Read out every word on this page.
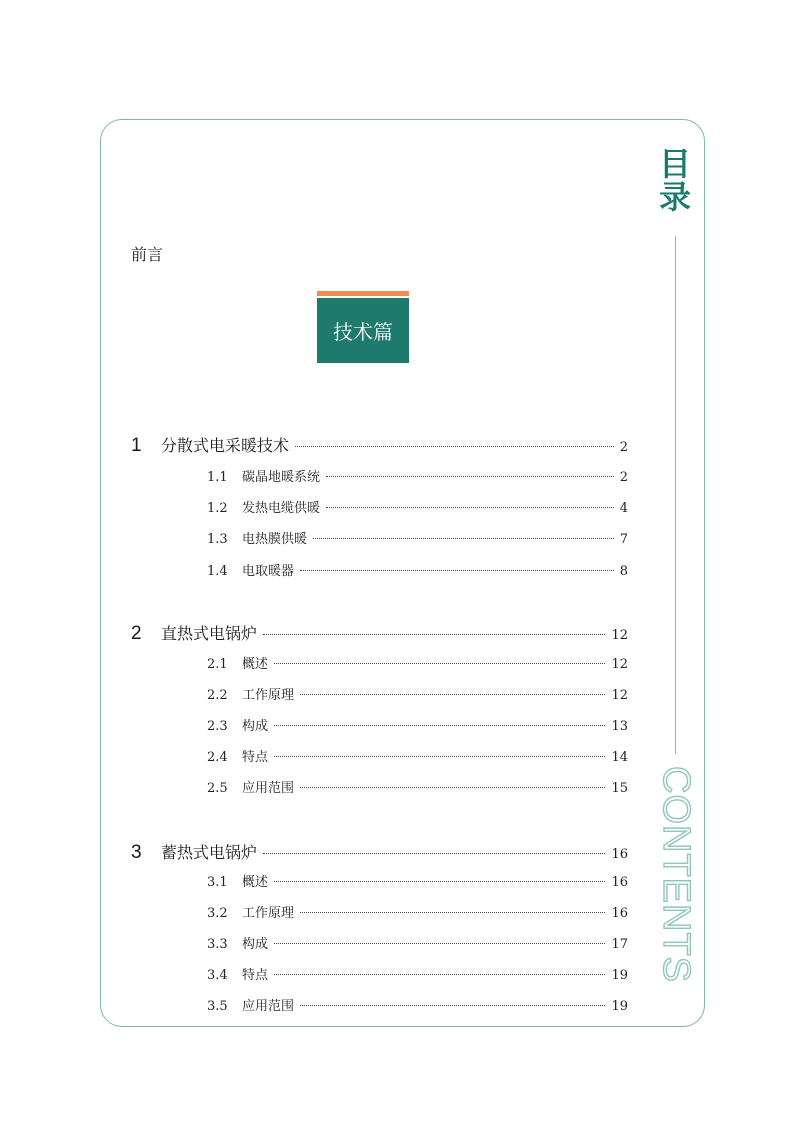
目
录
CONTENTS
前言
技术篇
1	分散式电采暖技术	2
1.1	碳晶地暖系统	2
1.2	发热电缆供暖	4
1.3	电热膜供暖	7
1.4	电取暖器	8
2	直热式电锅炉	12
2.1	概述	12
2.2	工作原理	12
2.3	构成	13
2.4	特点	14
2.5	应用范围	15
3	蓄热式电锅炉	16
3.1	概述	16
3.2	工作原理	16
3.3	构成	17
3.4	特点	19
3.5	应用范围	19
